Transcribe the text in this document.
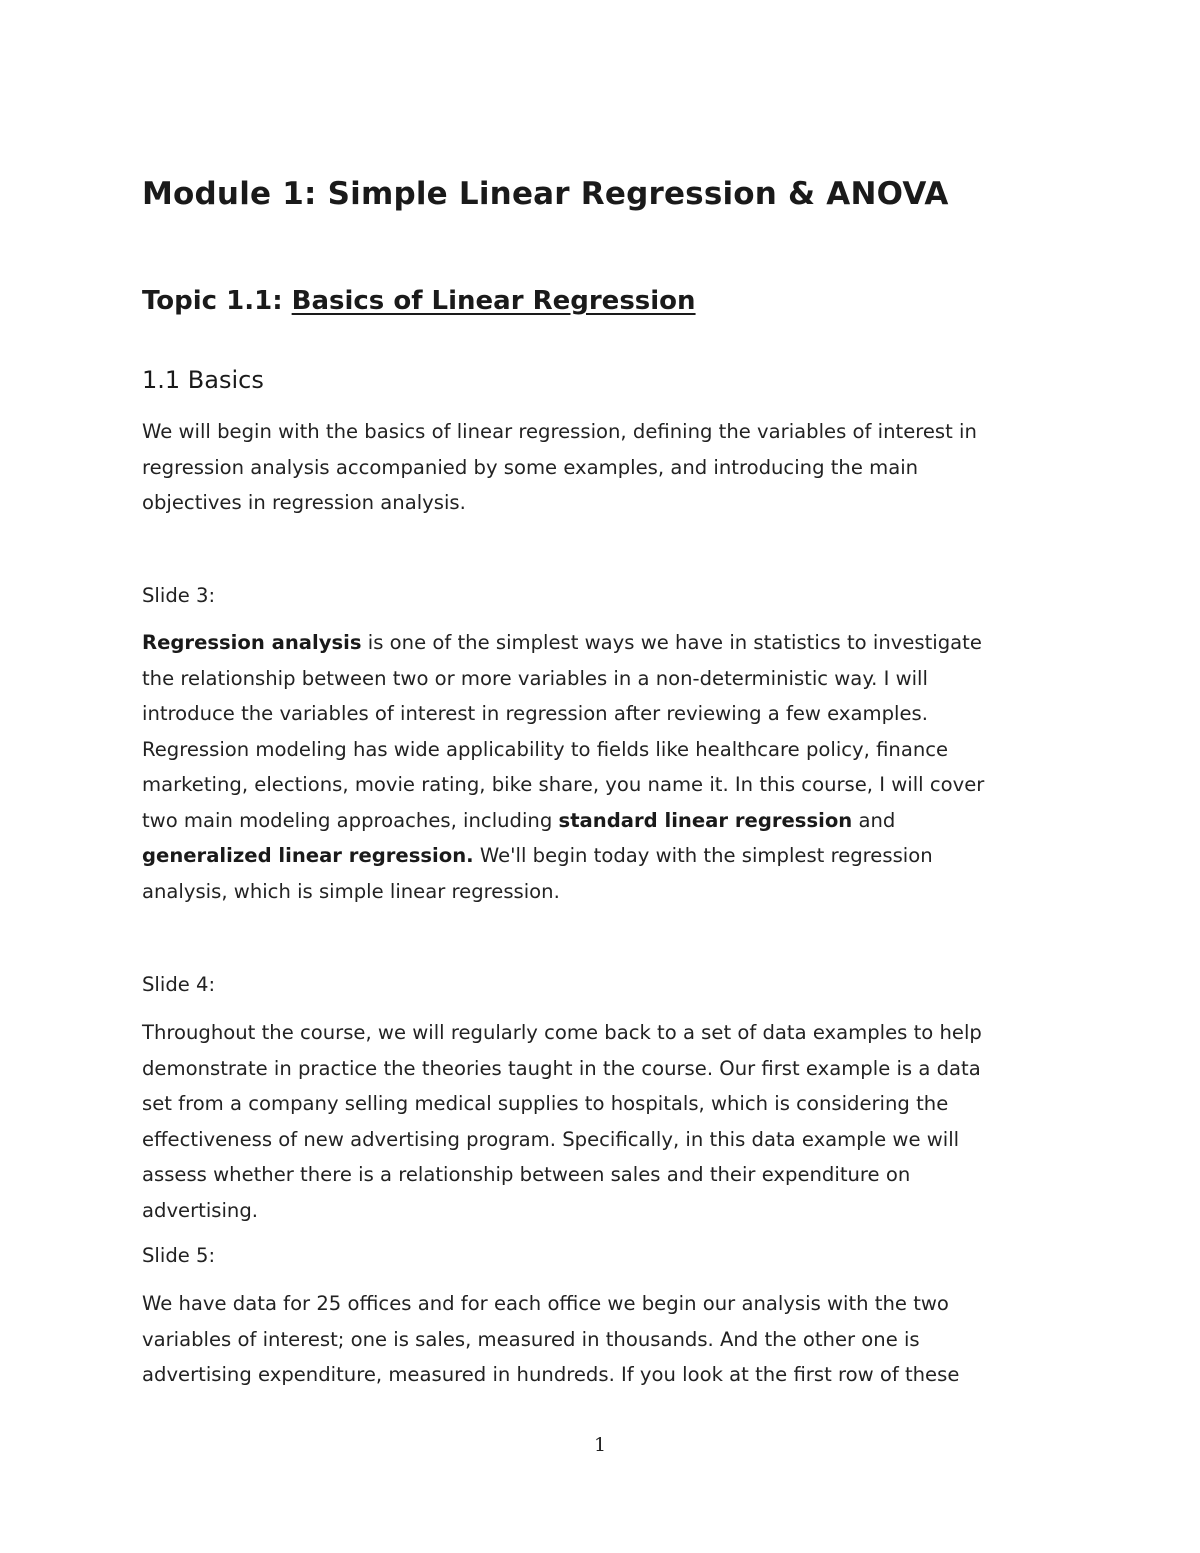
Module 1: Simple Linear Regression & ANOVA
Topic 1.1: Basics of Linear Regression
1.1 Basics

We will begin with the basics of linear regression, defining the variables of interest in
regression analysis accompanied by some examples, and introducing the main
objectives in regression analysis.

Slide 3:

Regression analysis is one of the simplest ways we have in statistics to investigate
the relationship between two or more variables in a non-deterministic way. I will
introduce the variables of interest in regression after reviewing a few examples.
Regression modeling has wide applicability to fields like healthcare policy, finance
marketing, elections, movie rating, bike share, you name it. In this course, I will cover
two main modeling approaches, including standard linear regression and
generalized linear regression. We'll begin today with the simplest regression
analysis, which is simple linear regression.

Slide 4:

Throughout the course, we will regularly come back to a set of data examples to help
demonstrate in practice the theories taught in the course. Our first example is a data
set from a company selling medical supplies to hospitals, which is considering the
effectiveness of new advertising program. Specifically, in this data example we will
assess whether there is a relationship between sales and their expenditure on
advertising.

Slide 5:

We have data for 25 offices and for each office we begin our analysis with the two
variables of interest; one is sales, measured in thousands. And the other one is
advertising expenditure, measured in hundreds. If you look at the first row of these

1
